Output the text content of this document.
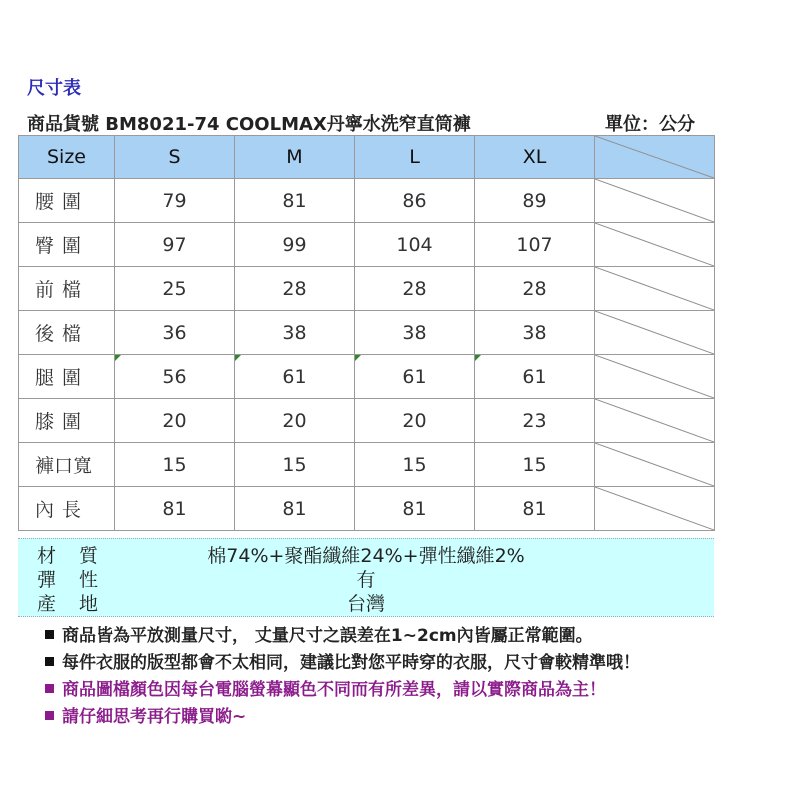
尺寸表
商品貨號 BM8021-74 COOLMAX丹寧水洗窄直筒褲	單位：公分
Size	S	M	L	XL	

腰 圍	79	81	86	89	

臀 圍	97	99	104	107	

前 檔	25	28	28	28	

後 檔	36	38	38	38	

腿 圍	56	61	61	61	

膝 圍	20	20	20	23	

褲口寬	15	15	15	15	

內 長	81	81	81	81	
材 質	棉74%+聚酯纖維24%+彈性纖維2%
彈 性	有
產 地	台灣
商品皆為平放測量尺寸， 丈量尺寸之誤差在1~2cm內皆屬正常範圍。
每件衣服的版型都會不太相同，建議比對您平時穿的衣服，尺寸會較精準哦！
商品圖檔顏色因每台電腦螢幕顯色不同而有所差異，請以實際商品為主！
請仔細思考再行購買喲~
